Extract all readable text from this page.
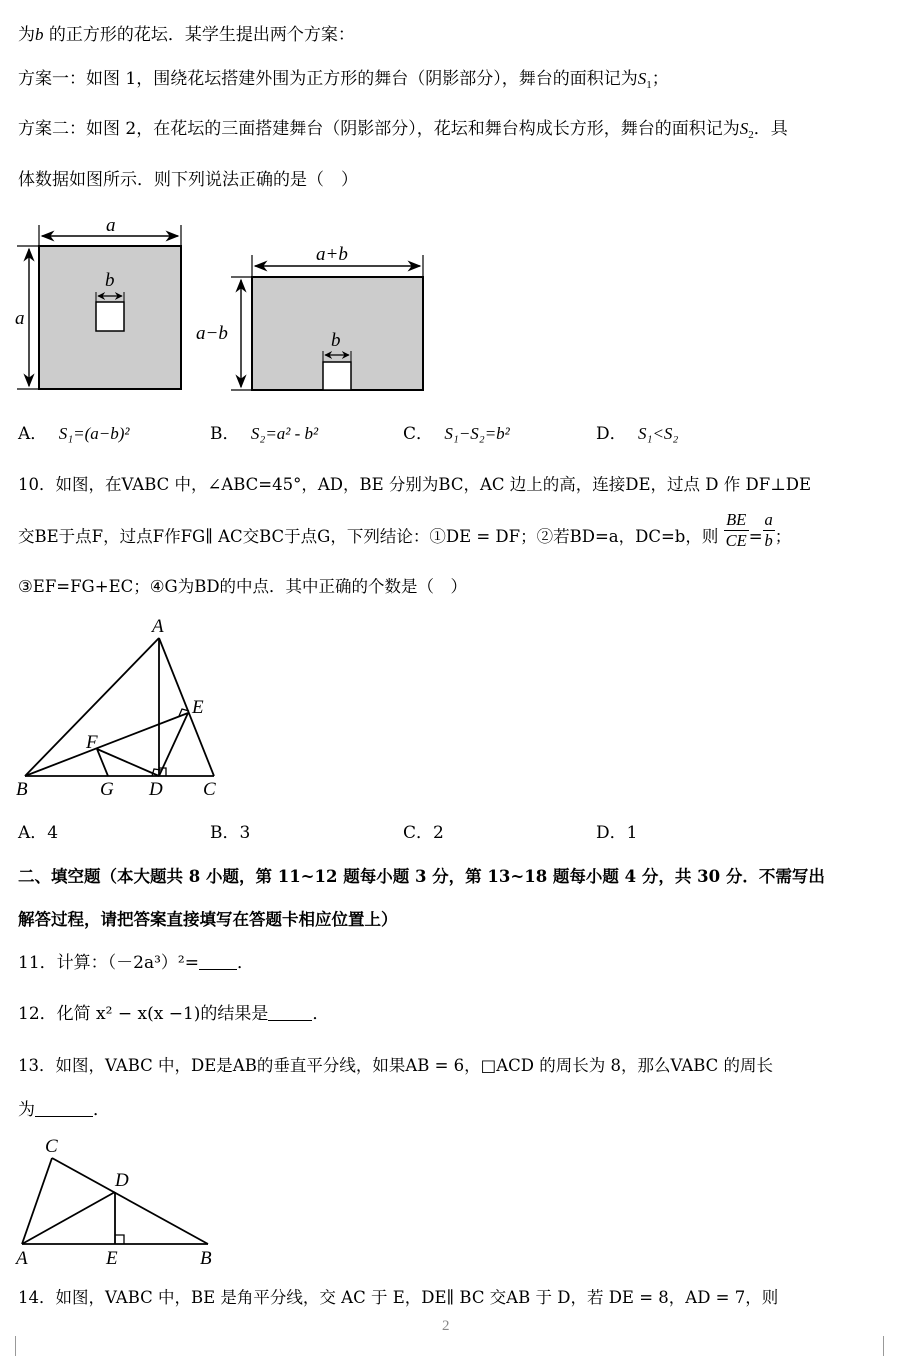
为b 的正方形的花坛．某学生提出两个方案：
方案一：如图 1，围绕花坛搭建外围为正方形的舞台（阴影部分），舞台的面积记为$S_1$；
方案二：如图 2，在花坛的三面搭建舞台（阴影部分），花坛和舞台构成长方形，舞台的面积记为$S_2$．具
体数据如图所示．则下列说法正确的是（　）
a
a
b
a+b
a−b	b
A． S₁=(a−b)²	B． S₂=a² - b²	C． S₁−S₂=b²	D． S₁<S₂
10．如图，在VABC 中，∠ABC=45°，AD，BE 分别为BC，AC 边上的高，连接DE，过点 D 作 DF⊥DE
交BE于点F，过点F作FG∥ AC交BC于点G，下列结论：①DE = DF；②若BD=a，DC=b，则 $\frac{BE}{CE} = \frac{a}{b}$ ；
③EF=FG+EC；④G为BD的中点．其中正确的个数是（　）
A
B	C
D
E
F
G
A．4	B．3	C．2	D．1
二、填空题（本大题共 8 小题，第 11~12 题每小题 3 分，第 13~18 题每小题 4 分，共 30 分．不需写出
解答过程，请把答案直接填写在答题卡相应位置上）
11．计算：（－2a³）²= ．
12．化简 x² − x(x −1)的结果是	．
13．如图，VABC 中，DE是AB的垂直平分线，如果AB = 6，□ACD 的周长为 8，那么VABC 的周长
为	．
A	B
C
D
E
14．如图，VABC 中，BE 是角平分线，交 AC 于 E，DE∥ BC 交AB 于 D，若 DE = 8，AD = 7，则
2
